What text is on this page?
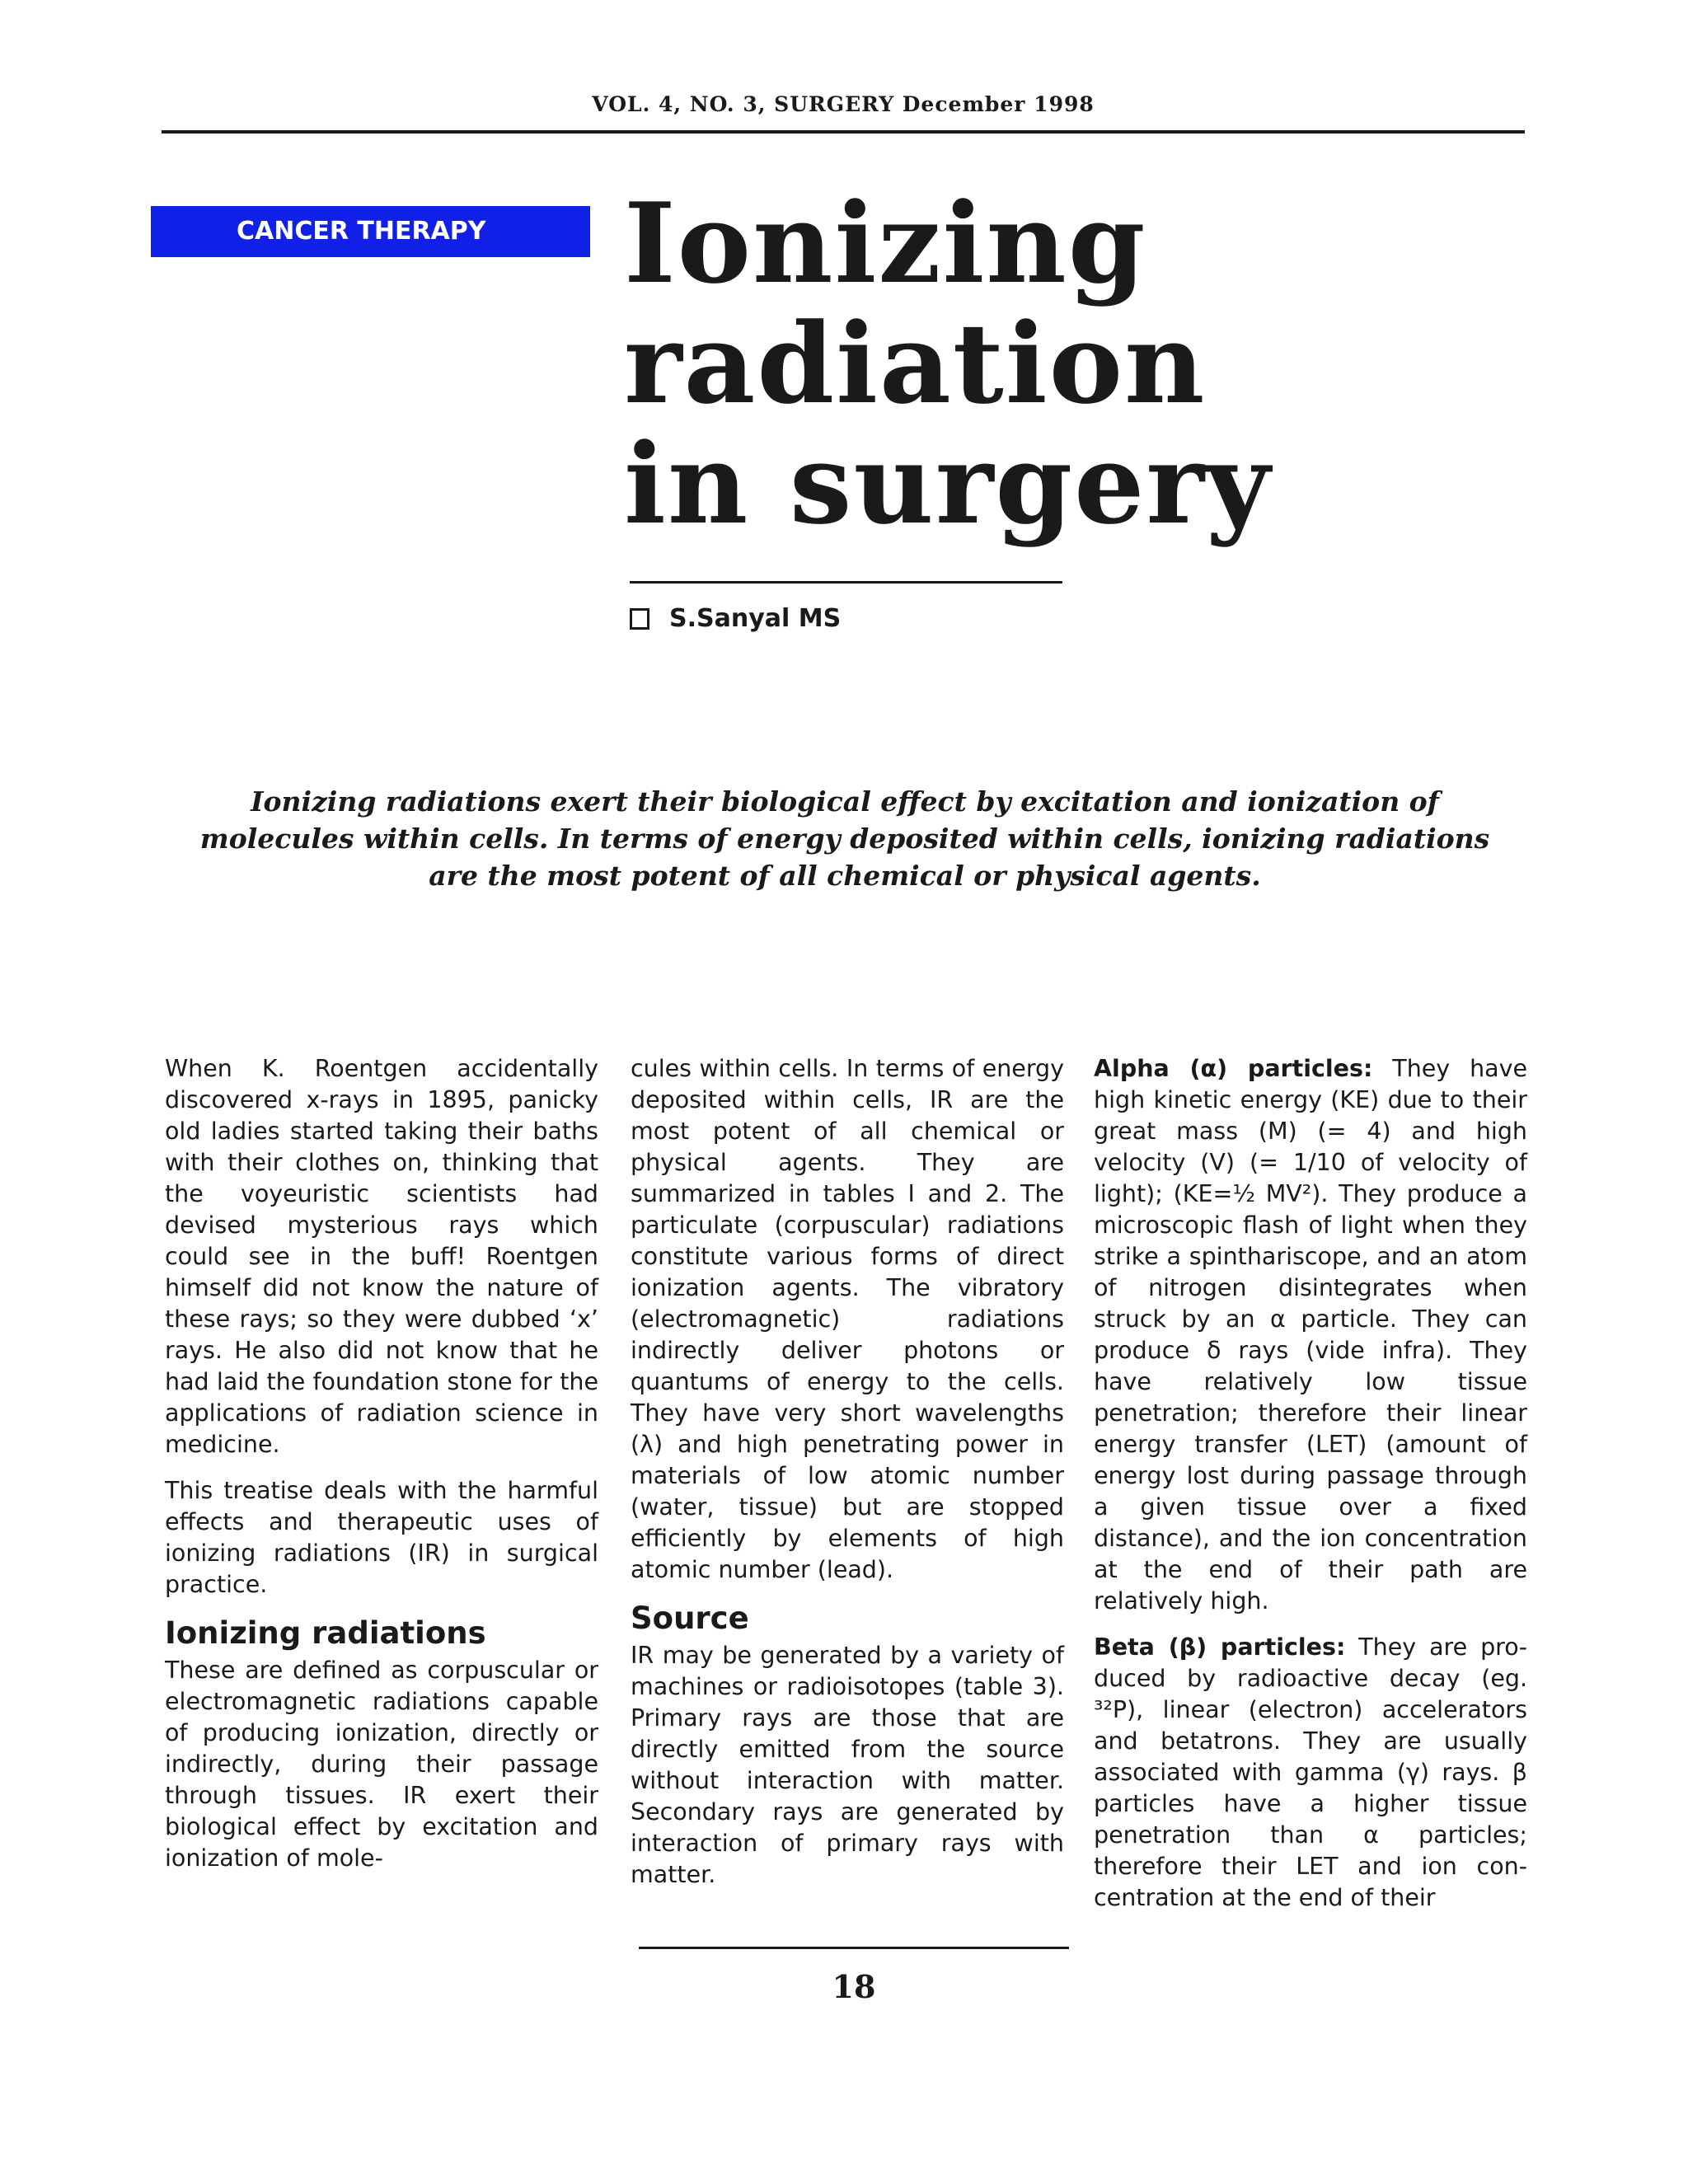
VOL. 4, NO. 3, SURGERY December 1998
CANCER THERAPY	Ionizing
radiation
in surgery
S.Sanyal MS

Ionizing radiations exert their biological effect by excitation and ionization of molecules within cells. In terms of energy deposited within cells, ionizing radiations are the most potent of all chemical or physical agents.

When K. Roentgen accidentally discovered x-rays in 1895, panicky old ladies started taking their baths with their clothes on, thinking that the voyeuristic scientists had devised mysterious rays which could see in the buff! Roentgen himself did not know the nature of these rays; so they were dubbed ‘x’ rays. He also did not know that he had laid the foundation stone for the applications of radiation science in medicine.

This treatise deals with the harmful effects and therapeutic uses of ionizing radiations (IR) in surgical practice.

Ionizing radiations

These are defined as corpuscular or electromagnetic radiations capable of producing ionization, directly or indirectly, during their passage through tissues. IR exert their biological effect by excitation and ionization of mole-

cules within cells. In terms of energy deposited within cells, IR are the most potent of all chemical or physical agents. They are summarized in tables I and 2. The particulate (corpuscular) radiations constitute various forms of direct ionization agents. The vibratory (electromagnetic) radiations indirectly deliver photons or quantums of energy to the cells. They have very short wavelengths (λ) and high penetrating power in materials of low atomic number (water, tissue) but are stopped efficiently by elements of high atomic number (lead).

Source

IR may be generated by a variety of machines or radioisotopes (table 3). Primary rays are those that are directly emitted from the source without interaction with matter. Secondary rays are generated by interaction of primary rays with matter.

Alpha (α) particles: They have high kinetic energy (KE) due to their great mass (M) (= 4) and high velocity (V) (= 1/10 of velocity of light); (KE=½ MV²). They produce a microscopic flash of light when they strike a spinthariscope, and an atom of nitrogen disintegrates when struck by an α particle. They can produce δ rays (vide infra). They have relatively low tissue penetration; therefore their linear energy transfer (LET) (amount of energy lost during passage through a given tissue over a fixed distance), and the ion concentration at the end of their path are relatively high.

Beta (β) particles: They are produced by radioactive decay (eg. ³²P), linear (electron) accelerators and betatrons. They are usually associated with gamma (γ) rays. β particles have a higher tissue penetration than α particles; therefore their LET and ion concentration at the end of their

18
